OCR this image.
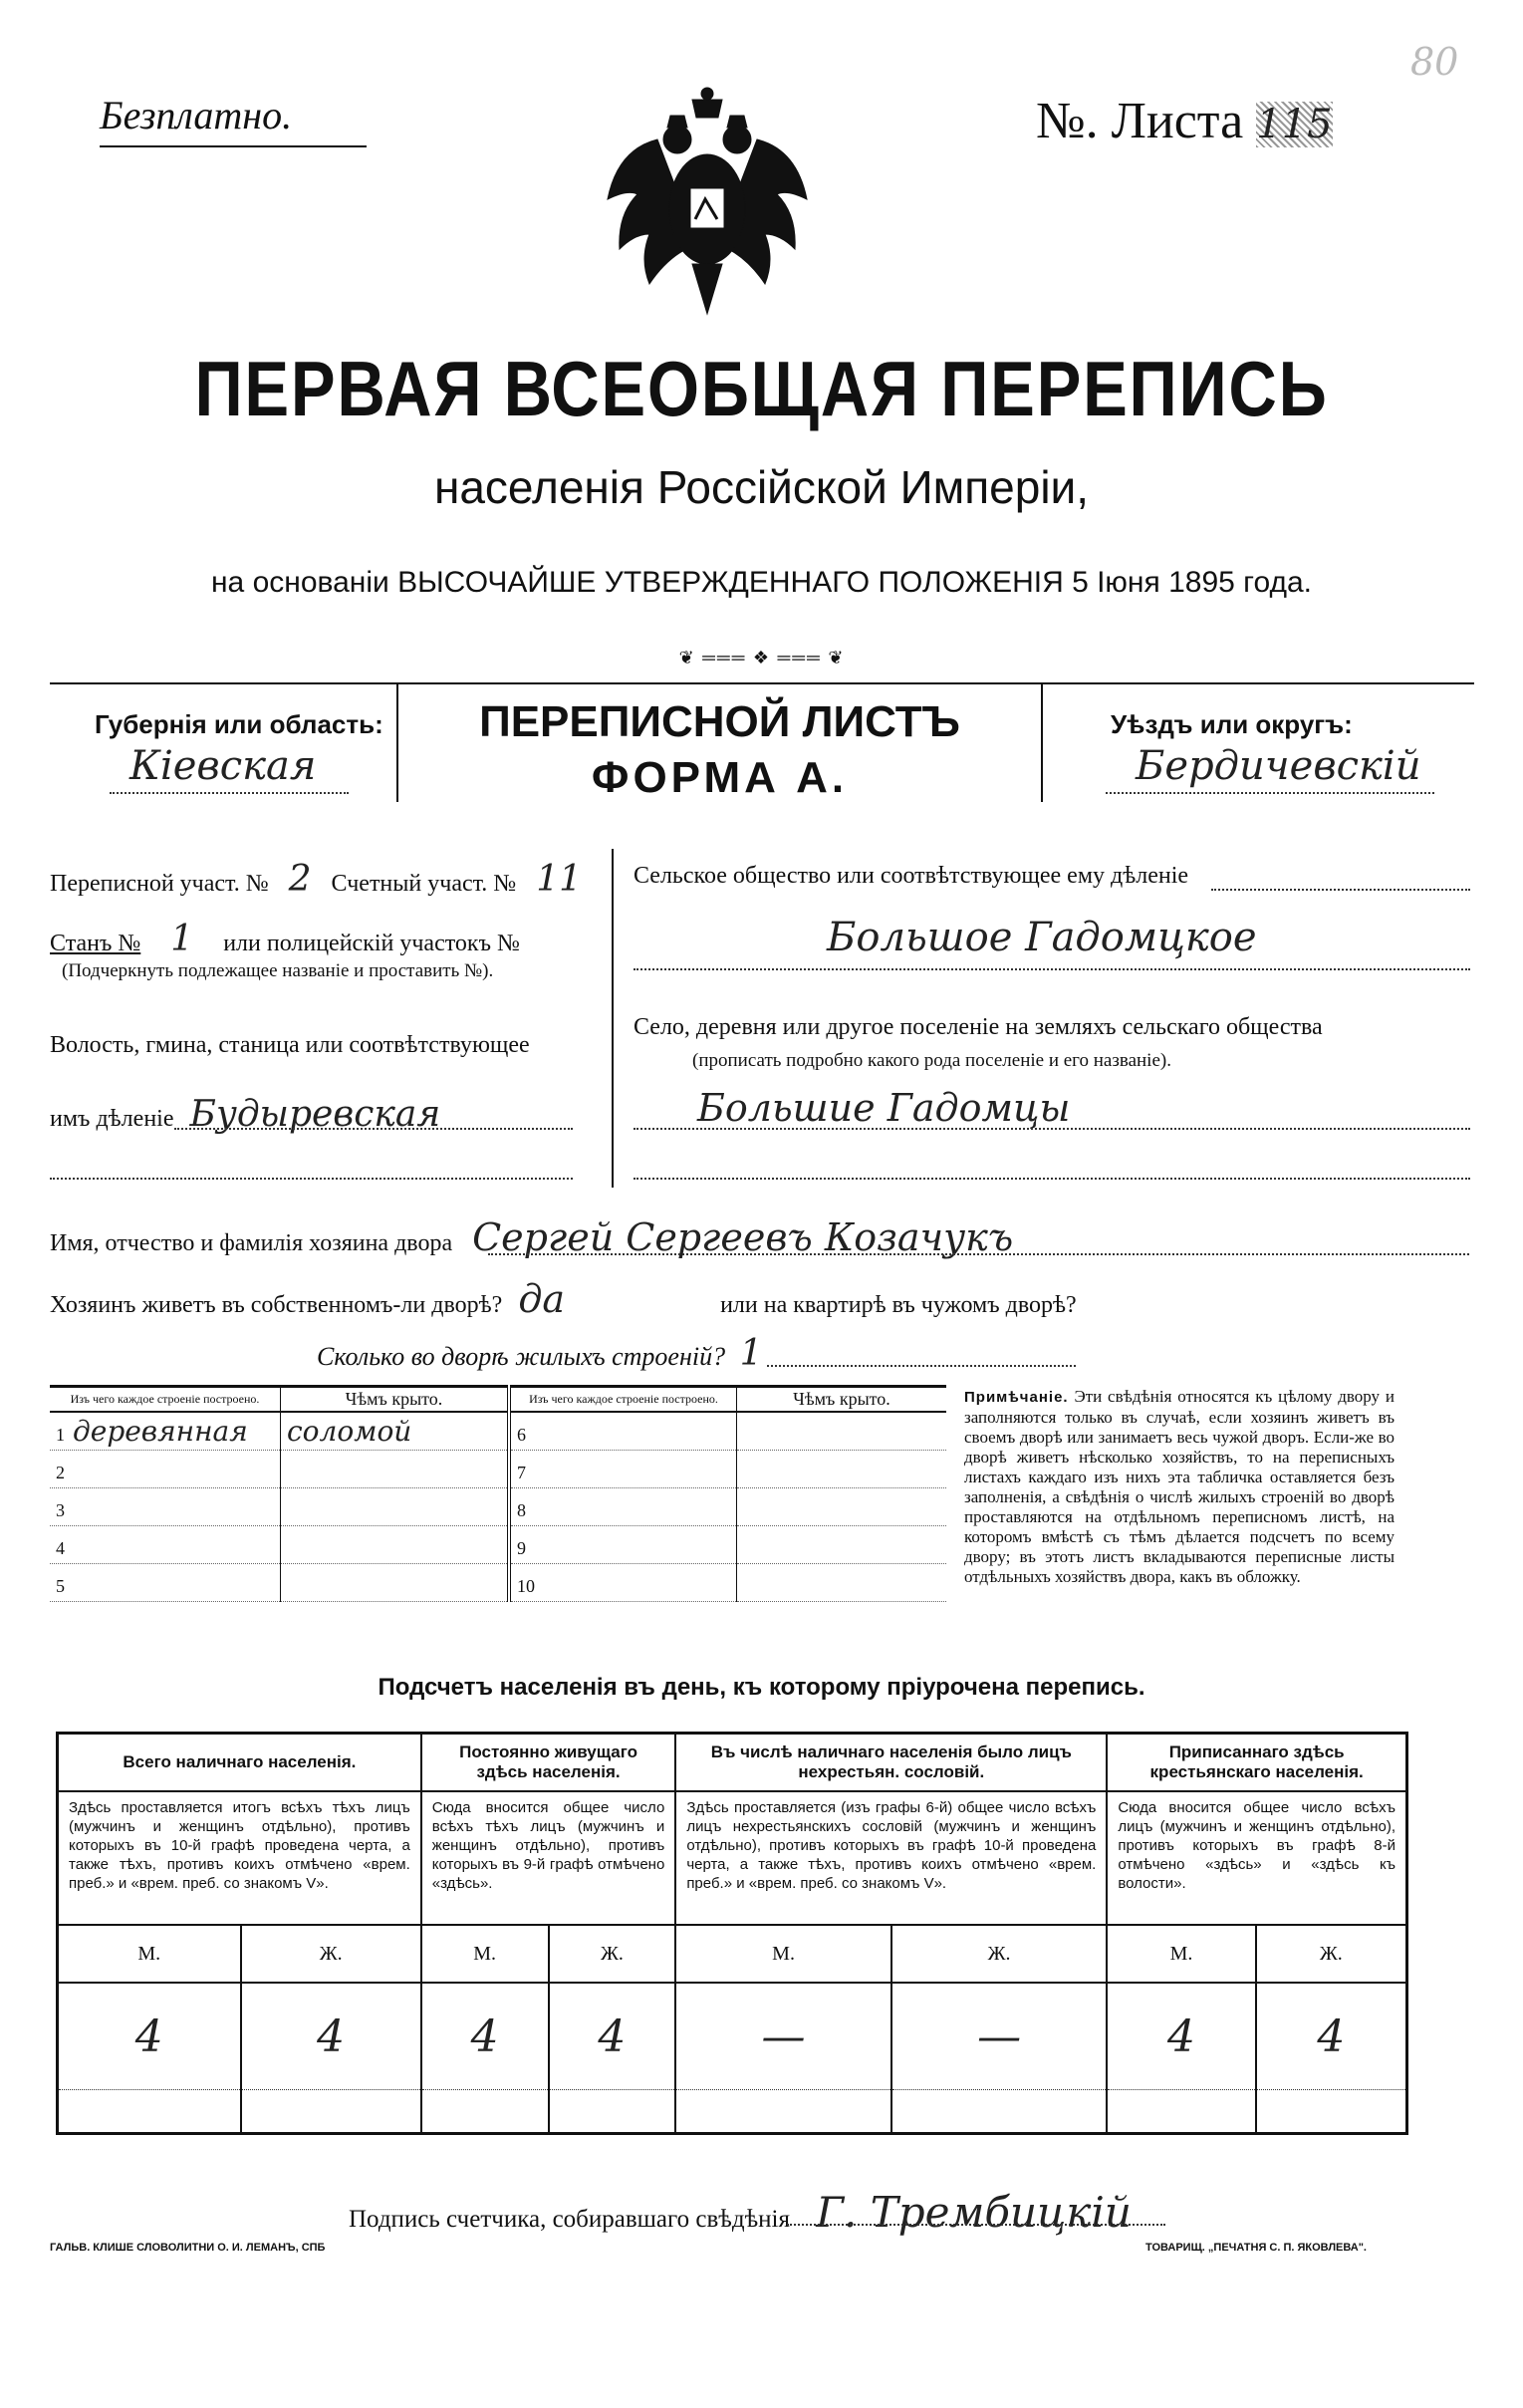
Безплатно.	№. Листа 115
80
ПЕРВАЯ ВСЕОБЩАЯ ПЕРЕПИСЬ
населенія Россійской Имперіи,
на основаніи ВЫСОЧАЙШЕ УТВЕРЖДЕННАГО ПОЛОЖЕНІЯ 5 Іюня 1895 года.
❦ ═══ ❖ ═══ ❦
Губернія или область:
Кіевская
ПЕРЕПИСНОЙ ЛИСТЪ
ФОРМА А.
Уѣздъ или округъ:
Бердичевскій
Переписной участ. № 2 Счетный участ. № 11
Станъ № 1 или полицейскій участокъ №
(Подчеркнуть подлежащее названіе и проставить №).
Волость, гмина, станица или соотвѣтствующее
имъ дѣленіе Будыревская
Сельское общество или соотвѣтствующее ему дѣленіе
Большое Гадомцкое
Село, деревня или другое поселеніе на земляхъ сельскаго общества
(прописать подробно какого рода поселеніе и его названіе).
Большие Гадомцы
Имя, отчество и фамилія хозяина двора Сергей Сергеевъ Козачукъ
Хозяинъ живетъ въ собственномъ-ли дворѣ? да	или на квартирѣ въ чужомъ дворѣ?
Сколько во дворѣ жилыхъ строеній? 1
Изъ чего каждое строеніе построено.	Чѣмъ крыто.	Изъ чего каждое строеніе построено.	Чѣмъ крыто.
1 деревянная	соломой	6	
2		7	
3		8	
4		9	
5		10	
Примѣчаніе. Эти свѣдѣнія относятся къ цѣлому двору и заполняются только въ случаѣ, если хозяинъ живетъ въ своемъ дворѣ или занимаетъ весь чужой дворъ. Если-же во дворѣ живетъ нѣсколько хозяйствъ, то на переписныхъ листахъ каждаго изъ нихъ эта табличка оставляется безъ заполненія, а свѣдѣнія о числѣ жилыхъ строеній во дворѣ проставляются на отдѣльномъ переписномъ листѣ, на которомъ вмѣстѣ съ тѣмъ дѣлается подсчетъ по всему двору; въ этотъ листъ вкладываются переписные листы отдѣльныхъ хозяйствъ двора, какъ въ обложку.
Подсчетъ населенія въ день, къ которому пріурочена перепись.
Всего наличнаго населенія.		Постоянно живущаго здѣсь населенія.		Въ числѣ наличнаго населенія было лицъ нехрестьян. сословій.		Приписаннаго здѣсь крестьянскаго населенія.	
Здѣсь проставляется итогъ всѣхъ тѣхъ лицъ (мужчинъ и женщинъ отдѣльно), противъ которыхъ въ 10-й графѣ проведена черта, а также тѣхъ, противъ коихъ отмѣчено «врем. преб.» и «врем. преб. со знакомъ V».		Сюда вносится общее число всѣхъ тѣхъ лицъ (мужчинъ и женщинъ отдѣльно), противъ которыхъ въ 9-й графѣ отмѣчено «здѣсь».		Здѣсь проставляется (изъ графы 6-й) общее число всѣхъ лицъ нехрестьянскихъ сословій (мужчинъ и женщинъ отдѣльно), противъ которыхъ въ графѣ 10-й проведена черта, а также тѣхъ, противъ коихъ отмѣчено «врем. преб.» и «врем. преб. со знакомъ V».		Сюда вносится общее число всѣхъ лицъ (мужчинъ и женщинъ отдѣльно), противъ которыхъ въ графѣ 8-й отмѣчено «здѣсь» и «здѣсь къ волости».	
М.	Ж.	М.	Ж.	М.	Ж.	М.	Ж.
4	4	4	4	—	—	4	4

Подпись счетчика, собиравшаго свѣдѣнія Г. Трембицкій
ГАЛЬВ. КЛИШЕ СЛОВОЛИТНИ О. И. ЛЕМАНЪ, СПБ	ТОВАРИЩ. „ПЕЧАТНЯ С. П. ЯКОВЛЕВА".
